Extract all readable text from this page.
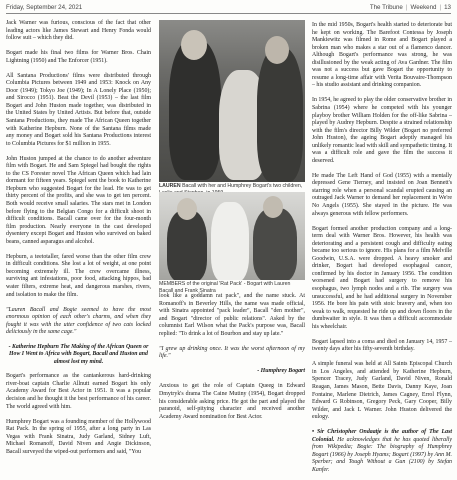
Friday, September 24, 2021	The Tribune | Weekend | 13

Jack Warner was furious, conscious of the fact that other leading actors like James Stewart and Henry Fonda would follow suit – which they did.

Bogart made his final two films for Warner Bros. Chain Lightning (1950) and The Enforcer (1951).

All Santana Productions' films were distributed through Columbia Pictures between 1949 and 1953: Knock on Any Door (1949); Tokyo Joe (1949); In A Lonely Place (1950); and Sirocco (1951). Beat the Devil (1953) – the last film Bogart and John Huston made together, was distributed in the United States by United Artists. But before that, outside Santana Productions, they made The African Queen together with Katherine Hepburn. None of the Santana films made any money and Bogart sold his Santana Productions interest to Columbia Pictures for $1 million in 1955.

John Huston jumped at the chance to do another adventure film with Bogart. He and Sam Spiegel had bought the rights to the CS Forester novel The African Queen which had lain dormant for fifteen years. Spiegel sent the book to Katherine Hepburn who suggested Bogart for the lead. He was to get thirty percent of the profits, and she was to get ten percent. Both would receive small salaries. The stars met in London before flying to the Belgian Congo for a difficult shoot in difficult conditions. Bacall came over for the four-month film production. Nearly everyone in the cast developed dysentery except Bogart and Huston who survived on baked beans, canned asparagus and alcohol.

Hepburn, a teetotaller, fared worse than the other film crew in difficult conditions. She lost a lot of weight, at one point becoming extremely ill. The crew overcame illness, surviving ant infestations, poor food, attacking hippos, bad water filters, extreme heat, and dangerous marshes, rivers, and isolation to make the film.

"Lauren Bacall and Bogie seemed to have the most enormous opinion of each other's charms, and when they fought it was with the utter confidence of two cats locked deliciously in the same cage."

- Katherine Hepburn The Making of the African Queen or How I Went to Africa with Bogart, Bacall and Huston and almost lost my mind.

Bogart's performance as the cantankerous hard-drinking river-boat captain Charlie Allnutt earned Bogart his only Academy Award for Best Actor in 1951. It was a popular decision and he thought it the best performance of his career. The world agreed with him.

Humphrey Bogart was a founding member of the Hollywood Rat Pack. In the spring of 1955, after a long party in Las Vegas with Frank Sinatra, Judy Garland, Sidney Luft, Michael Romanoff, David Niven and Angie Dickinson, Bacall surveyed the wiped-out performers and said, "You

LAUREN Bacall with her and Humphrey Bogart's two children,
MEMBERS of the original 'Rat Pack' - Bogart with Lauren Bacall and Frank Sinatra

look like a goddamn rat pack", and the name stuck. At Romanoff's in Beverley Hills, the name was made official, with Sinatra appointed "pack leader", Bacall "den mother", and Bogart "director of public relations". Asked by the columnist Earl Wilson what the Pack's purpose was, Bacall replied: "To drink a lot of Bourbon and stay up late."

"I grew up drinking once. It was the worst afternoon of my life."

- Humphrey Bogart

Anxious to get the role of Captain Queeg in Edward Dmytryk's drama The Caine Mutiny (1954), Bogart dropped his considerable asking price. He got the part and played the paranoid, self-pitying character and received another Academy Award nomination for Best Actor.

In the mid 1950s, Bogart's health started to deteriorate but he kept on working. The Barefoot Contessa by Joseph Mankiewitz was filmed in Rome and Bogart played a broken man who makes a star out of a flamenco dancer. Although Bogart's performance was strong, he was disillusioned by the weak acting of Ava Gardner. The film was not a success but gave Bogart the opportunity to resume a long-time affair with Verita Bouvaire-Thompson – his studio assistant and drinking companion.

In 1954, he agreed to play the older conservative brother in Sabrina (1954) where he competed with his younger playboy brother William Holden for the off-like Sabrina – played by Audrey Hepburn. Despite a strained relationship with the film's director Billy Wilder (Bogart no preferred John Huston), the ageing Bogart adeptly managed his unlikely romantic lead with skill and sympathetic timing. It was a difficult role and gave the film the success it deserved.

He made The Left Hand of God (1955) with a mentally depressed Gene Tierney, and insisted on Joan Bennett's starring role when a personal scandal erupted causing an outraged Jack Warner to demand her replacement in We're No Angels (1955). She stayed in the picture. He was always generous with fellow performers.

Bogart formed another production company and a long-term deal with Warner Bros. However, his health was deteriorating and a persistent cough and difficulty eating became too serious to ignore. His plans for a film Melville Goodwin, U.S.A. were dropped. A heavy smoker and drinker, Bogart had developed esophageal cancer, confirmed by his doctor in January 1956. The condition worsened and Bogart had surgery to remove his esophagus, two lymph nodes and a rib. The surgery was unsuccessful, and he had additional surgery in November 1956. He bore his pain with stoic bravery and, when too weak to walk, requested he ride up and down floors in the dumbwaiter in style. It was then a difficult accommodate his wheelchair.

Bogart lapsed into a coma and died on January 14, 1957 – twenty days after his fifty-seventh birthday.

A simple funeral was held at All Saints Episcopal Church in Los Angeles, and attended by Katherine Hepburn, Spencer Tracey, Judy Garland, David Niven, Ronald Reagan, James Mason, Bette Davis, Danny Kaye, Joan Fontaine, Marlene Dietrich, James Cagney, Errol Flynn, Edward G Robinson, Gregory Peck, Gary Cooper, Billy Wilder, and Jack L Warner. John Huston delivered the eulogy.

• Sir Christopher Ondaatje is the author of The Last Colonial. He acknowledges that he has quoted liberally from Wikipedia; Bogie: The biography of Humphrey Bogart (1966) by Joseph Hyams; Bogart (1997) by Ann M. Sperber; and Tough Without a Gun (2100) by Stefan Kanfer.
